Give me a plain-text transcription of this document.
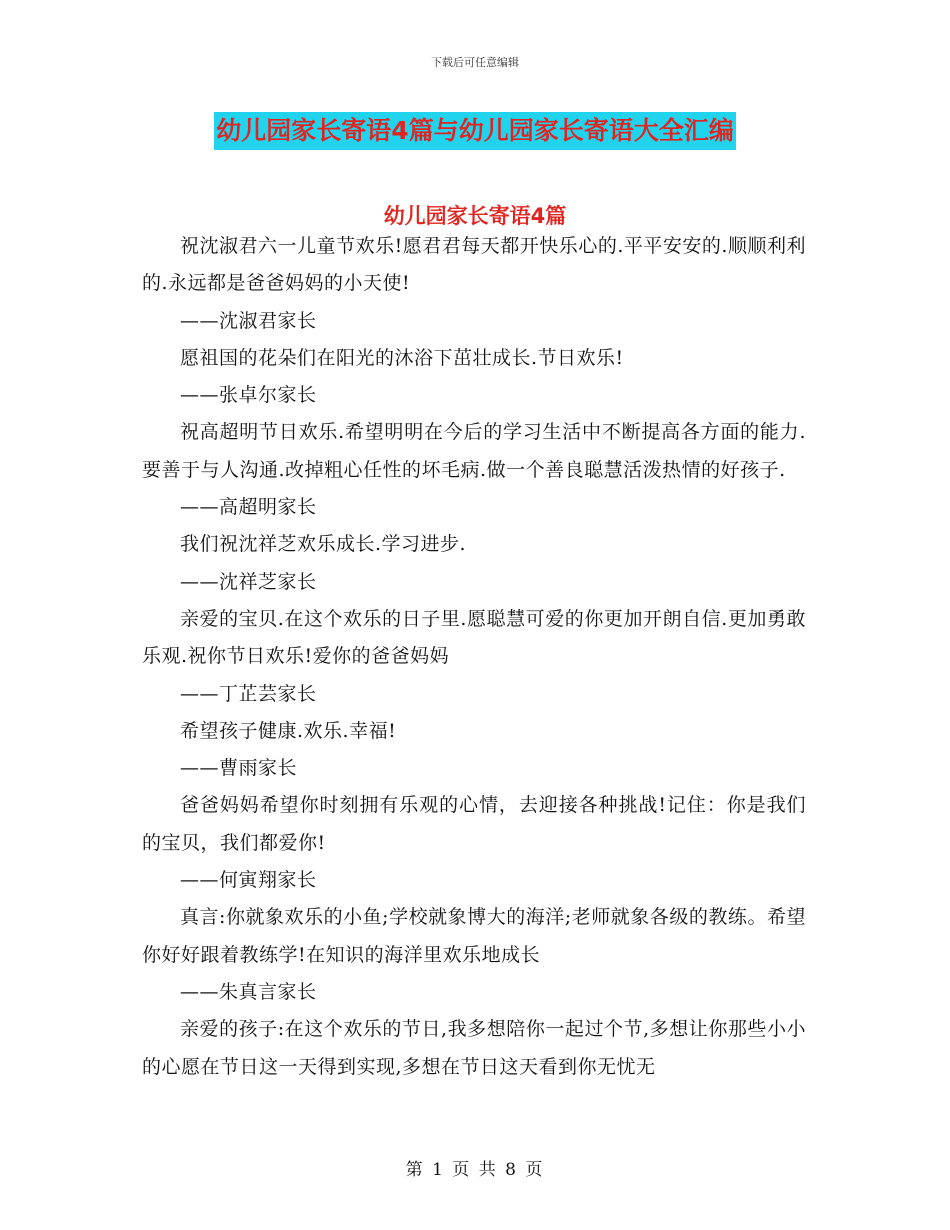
下载后可任意编辑
幼儿园家长寄语4篇与幼儿园家长寄语大全汇编
幼儿园家长寄语4篇

祝沈淑君六一儿童节欢乐!愿君君每天都开快乐心的.平平安安的.顺顺利利的.永远都是爸爸妈妈的小天使!

——沈淑君家长

愿祖国的花朵们在阳光的沐浴下茁壮成长.节日欢乐!

——张卓尔家长

祝高超明节日欢乐.希望明明在今后的学习生活中不断提高各方面的能力.要善于与人沟通.改掉粗心任性的坏毛病.做一个善良聪慧活泼热情的好孩子.

——高超明家长

我们祝沈祥芝欢乐成长.学习进步.

——沈祥芝家长

亲爱的宝贝.在这个欢乐的日子里.愿聪慧可爱的你更加开朗自信.更加勇敢乐观.祝你节日欢乐!爱你的爸爸妈妈

——丁芷芸家长

希望孩子健康.欢乐.幸福!

——曹雨家长

爸爸妈妈希望你时刻拥有乐观的心情，去迎接各种挑战!记住：你是我们的宝贝，我们都爱你!

——何寅翔家长

真言:你就象欢乐的小鱼;学校就象博大的海洋;老师就象各级的教练。希望你好好跟着教练学!在知识的海洋里欢乐地成长

——朱真言家长

亲爱的孩子:在这个欢乐的节日,我多想陪你一起过个节,多想让你那些小小的心愿在节日这一天得到实现,多想在节日这天看到你无忧无

第 1 页 共 8 页
